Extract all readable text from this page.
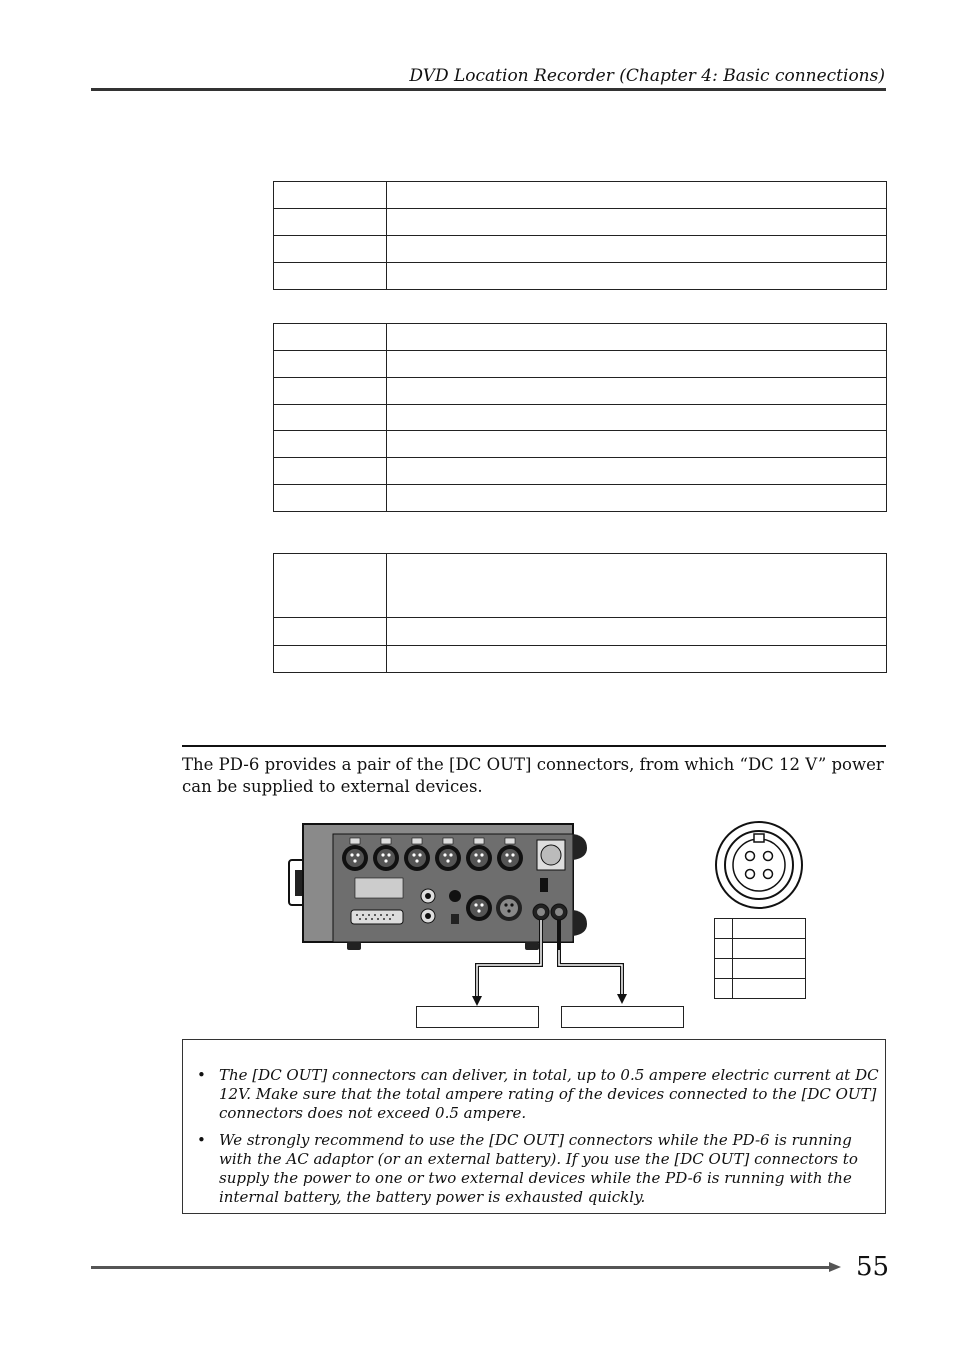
DVD Location Recorder (Chapter 4: Basic connections)

The PD-6 provides a pair of the [DC OUT] connectors, from which “DC 12 V” power can be supplied to external devices.

• The [DC OUT] connectors can deliver, in total, up to 0.5 ampere electric current at DC 12V. Make sure that the total ampere rating of the devices connected to the [DC OUT] connectors does not exceed 0.5 ampere.
• We strongly recommend to use the [DC OUT] connectors while the PD-6 is running with the AC adaptor (or an external battery). If you use the [DC OUT] connectors to supply the power to one or two external devices while the PD-6 is running with the internal battery, the battery power is exhausted quickly.
55
